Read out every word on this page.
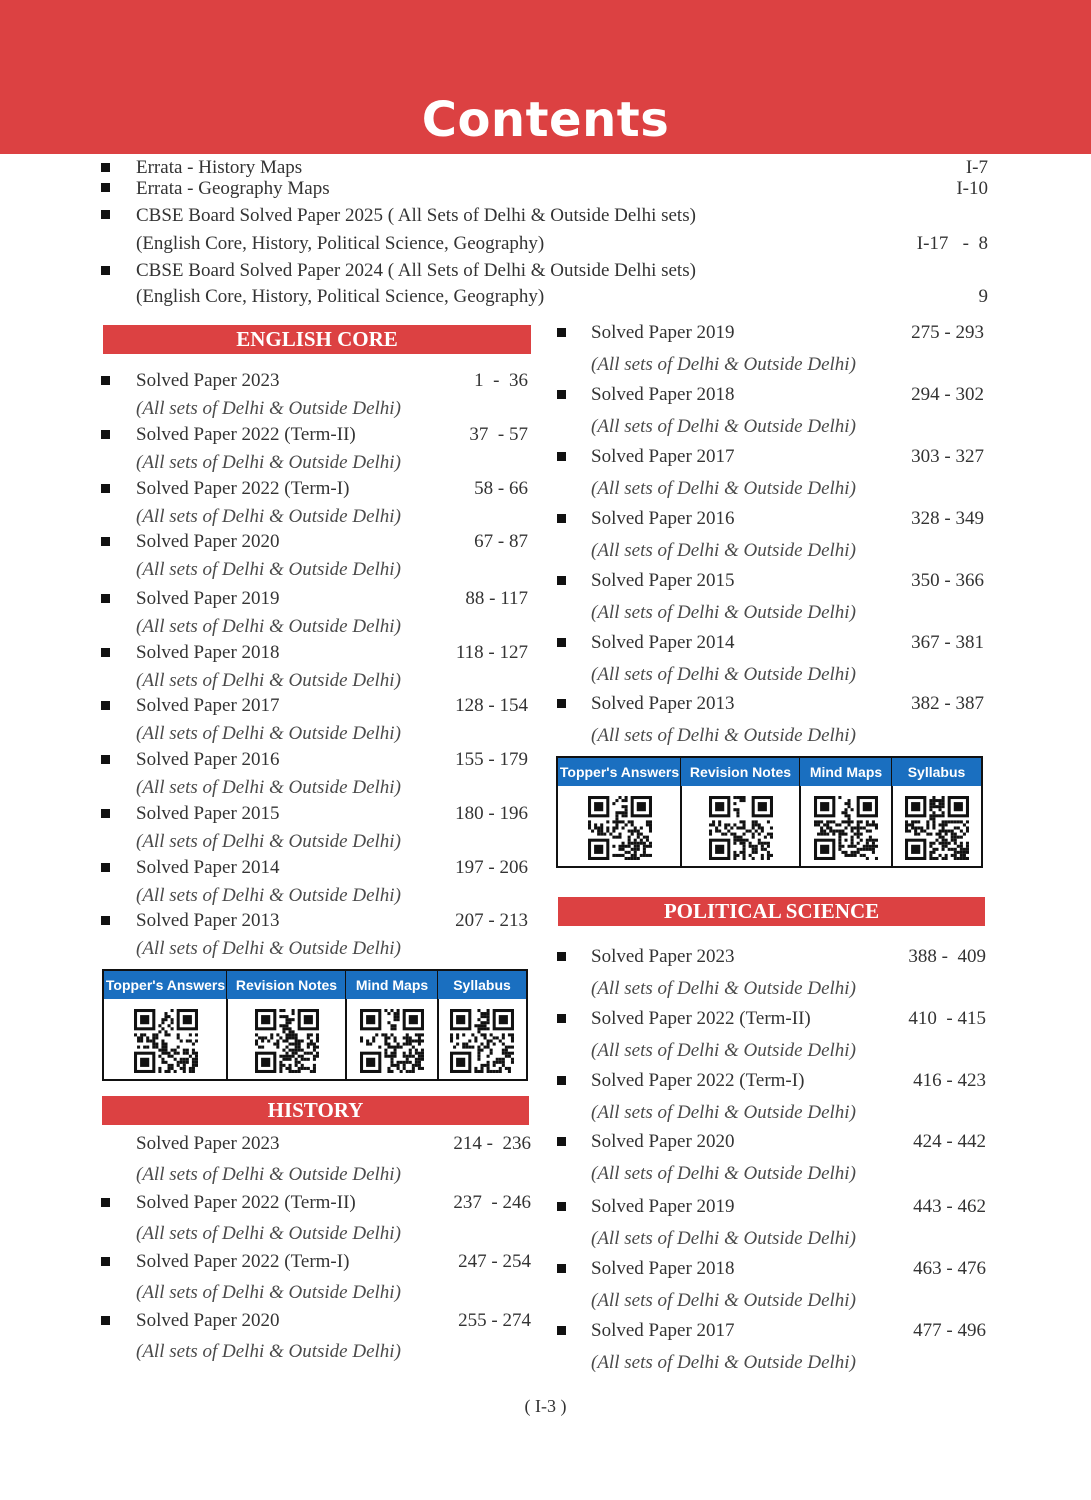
Contents
Errata - History Maps	I-7
Errata - Geography Maps	I-10
CBSE Board Solved Paper 2025 ( All Sets of Delhi & Outside Delhi sets)
(English Core, History, Political Science, Geography)	I-17   -  8
CBSE Board Solved Paper 2024 ( All Sets of Delhi & Outside Delhi sets)
(English Core, History, Political Science, Geography)	9
ENGLISH CORE
Solved Paper 2023	1  -  36
(All sets of Delhi & Outside Delhi)
Solved Paper 2022 (Term-II)	37  - 57
(All sets of Delhi & Outside Delhi)
Solved Paper 2022 (Term-I)	58 - 66
(All sets of Delhi & Outside Delhi)
Solved Paper 2020	67 - 87
(All sets of Delhi & Outside Delhi)
Solved Paper 2019	88 - 117
(All sets of Delhi & Outside Delhi)
Solved Paper 2018	118 - 127
(All sets of Delhi & Outside Delhi)
Solved Paper 2017	128 - 154
(All sets of Delhi & Outside Delhi)
Solved Paper 2016	155 - 179
(All sets of Delhi & Outside Delhi)
Solved Paper 2015	180 - 196
(All sets of Delhi & Outside Delhi)
Solved Paper 2014	197 - 206
(All sets of Delhi & Outside Delhi)
Solved Paper 2013	207 - 213
(All sets of Delhi & Outside Delhi)
Topper's Answers Revision Notes	Mind Maps	Syllabus
HISTORY
Solved Paper 2023	214 -  236
(All sets of Delhi & Outside Delhi)
Solved Paper 2022 (Term-II)	237  - 246
(All sets of Delhi & Outside Delhi)
Solved Paper 2022 (Term-I)	247 - 254
(All sets of Delhi & Outside Delhi)
Solved Paper 2020	255 - 274
(All sets of Delhi & Outside Delhi)
Solved Paper 2019	275 - 293
(All sets of Delhi & Outside Delhi)
Solved Paper 2018	294 - 302
(All sets of Delhi & Outside Delhi)
Solved Paper 2017	303 - 327
(All sets of Delhi & Outside Delhi)
Solved Paper 2016	328 - 349
(All sets of Delhi & Outside Delhi)
Solved Paper 2015	350 - 366
(All sets of Delhi & Outside Delhi)
Solved Paper 2014	367 - 381
(All sets of Delhi & Outside Delhi)
Solved Paper 2013	382 - 387
(All sets of Delhi & Outside Delhi)
Topper's Answers Revision Notes	Mind Maps	Syllabus
POLITICAL SCIENCE
Solved Paper 2023	388 -  409
(All sets of Delhi & Outside Delhi)
Solved Paper 2022 (Term-II)	410  - 415
(All sets of Delhi & Outside Delhi)
Solved Paper 2022 (Term-I)	416 - 423
(All sets of Delhi & Outside Delhi)
Solved Paper 2020	424 - 442
(All sets of Delhi & Outside Delhi)
Solved Paper 2019	443 - 462
(All sets of Delhi & Outside Delhi)
Solved Paper 2018	463 - 476
(All sets of Delhi & Outside Delhi)
Solved Paper 2017	477 - 496
(All sets of Delhi & Outside Delhi)
( I-3 )
